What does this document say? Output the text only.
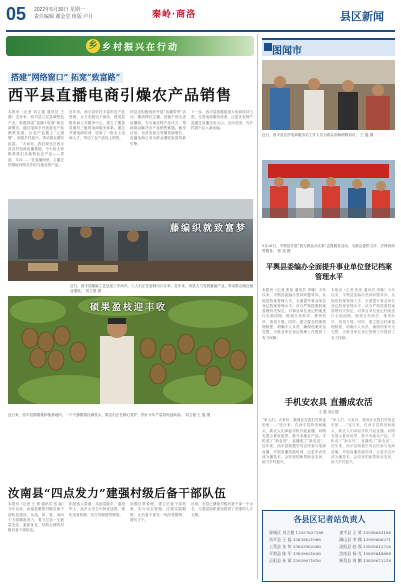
05 2022年5月30日 星期一
责任编辑 谢金堂 组版 卢月	秦岭·商洛	县区新闻
乡 乡村振兴在行动
搭建“网络窗口” 拓宽“致富路”
西平县直播电商引燥农产品销售
本报讯（记者 刘立德 通讯员 王 磊）近年来，西平县立足县域特色产业，积极探索“直播+电商”助农新模式，通过电商平台拓宽农产品销售渠道，让农产品插上“云翅膀”，助推乡村振兴，带动群众增收致富。 “大家好，我们现在在西平县农村电商直播基地，今天给大家推荐我们本地特色农产品——香菇、木耳……”在直播间里，主播正热情地向网友介绍当地农特产品。
近年来，西平县依托丰富的农产品资源，大力发展电子商务，建成县级电商公共服务中心，建立了覆盖县镇村三级的电商服务体系。通过开展电商培训，培育了一批本土电商人才，带动了农产品线上销售。
该县还积极组织开展“直播带货”活动，邀请网红主播、县镇干部走进直播间，为当地农特产品代言，帮助群众解决农产品销售难题。截至目前，全县电商交易额持续增长，直播电商已成为群众增收致富的新引擎。
下一步，西平县将继续加大电商扶持力度，完善电商服务体系，让更多农特产品通过直播走出大山、走向全国，为乡村振兴注入新动能。
藤编织就致富梦
近日，西平县藤编工艺品加工车间内，工人们正在赶制出口订单。近年来，该县大力发展藤编产业，带动群众就近就业增收。 刘立德 摄
硕果盈枝迎丰收
连日来，西平县猕猴桃种植基地内，一个个猕猴桃挂满枝头，果农们正在精心管护，预计今年产量将再创新高。 刘立德 王 磊 摄
汝南县“四点发力”建强村级后备干部队伍
本报讯（记者 王 勇 通讯员 张 丽）今年以来，汝南县聚焦村级后备干部队伍建设，从选、育、管、用四个方面精准发力，着力打造一支数量充足、素质优良、结构合理的村级后备干部队伍。
拓宽选人渠道，从致富能手、退役军人、返乡大学生中择优选拔。强化培育机制，实行导师帮带制度。
加强日常管理，建立后备干部档案，实行动态管理。注重实践锻炼，让后备干部在一线经受锻炼、增长才干。
目前，全县已储备村级后备干部一千余名，为基层组织建设提供了坚强的人才支撑。
图闻市
近日，西平县农村电商服务站工作人员为群众讲解网购知识。 王 磊 摄
5月26日，平舆县开展“我为群众办实事”志愿服务活动，为群众提供义诊、法律咨询等服务。 张 伟 摄
平舆县委编办全面提升事业单位登记档案管理水平
本报讯（记者 张伟 通讯员 李娜）今年以来，平舆县委编办坚持问题导向，从规范档案管理入手，全面提升事业单位登记档案管理水平。该办严格按照档案管理有关规定，对事业单位登记档案进行全面清理，做到分类科学、排列有序、查找方便。同时，建立健全档案管理制度，明确专人负责，确保档案安全完整，为事业单位登记管理工作提供了有力保障。
本报讯（记者 张伟 通讯员 李娜）今年以来，平舆县委编办坚持问题导向，从规范档案管理入手，全面提升事业单位登记档案管理水平。该办严格按照档案管理有关规定，对事业单位登记档案进行全面清理，做到分类科学、排列有序、查找方便。同时，建立健全档案管理制度，明确专人负责，确保档案安全完整，为事业单位登记管理工作提供了有力保障。
手机安农具 直播成农活
王 磊 刘立德
“家人们，大家好，我现在在我们村的麦田里……”连日来，在西平县的田间地头，新农人们拿起手机开起直播，向网友展示夏收场景，推介本地农产品。手机成了“新农具”，直播成了“新农活”。近年来，西平县积极引导农民参与电商直播，开展直播技能培训，让更多农民成为懂技术、会经营的新型职业农民，助力乡村振兴。
“家人们，大家好，我现在在我们村的麦田里……”连日来，在西平县的田间地头，新农人们拿起手机开起直播，向网友展示夏收场景，推介本地农产品。手机成了“新农具”，直播成了“新农活”。近年来，西平县积极引导农民参与电商直播，开展直播技能培训，让更多农民成为懂技术、会经营的新型职业农民，助力乡村振兴。
各县区记者站负责人
驿城区 刘立德 13937637188	遂平县 王 勇 13938683186
西平县 王 磊 13839621988	确山县 李 娜 13939666271
上蔡县 张 伟 13603962366	泌阳县 赵 强 13839612726
平舆县 陈 军 13839621636	汝南县 杨 光 13839648888
正阳县 孙 斌 13939671616	新蔡县 周 鹏 13839672218
